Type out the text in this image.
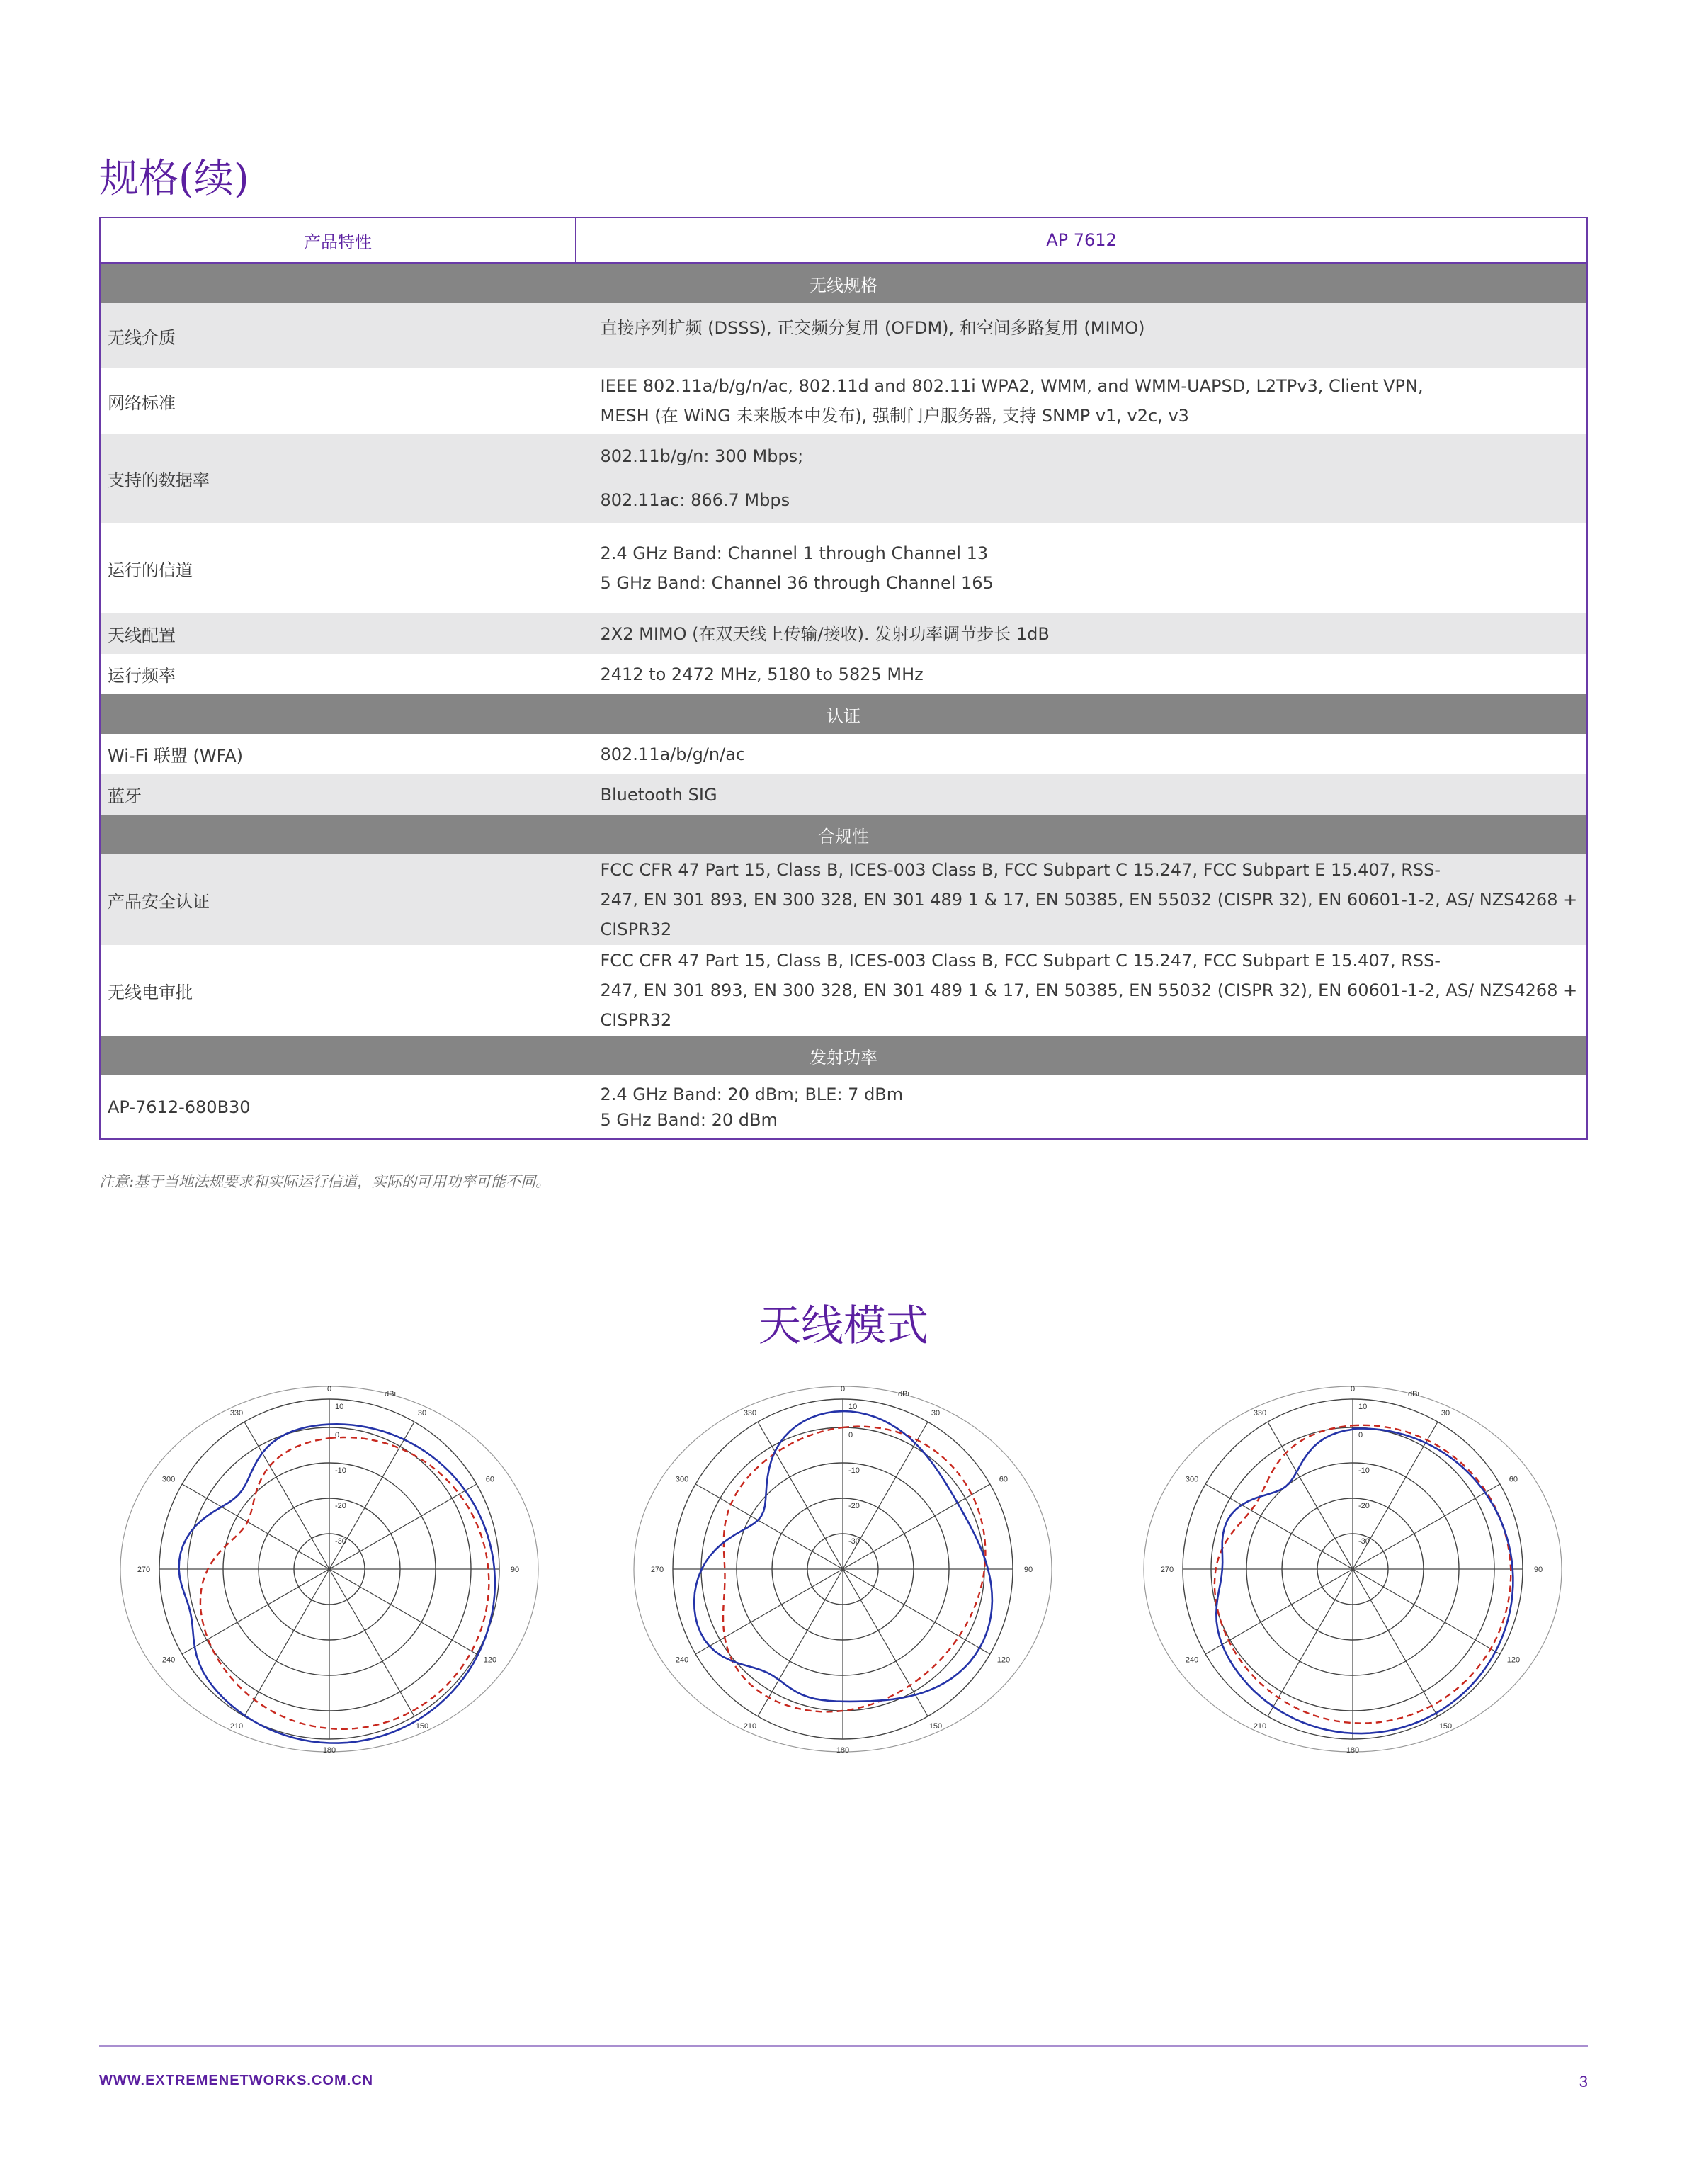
规格(续)
产品特性	AP 7612
无线规格	
无线介质	直接序列扩频 (DSSS), 正交频分复用 (OFDM), 和空间多路复用 (MIMO)

网络标准	IEEE 802.11a/b/g/n/ac, 802.11d and 802.11i WPA2, WMM, and WMM-UAPSD, L2TPv3, Client VPN,
MESH (在 WiNG 未来版本中发布), 强制门户服务器, 支持 SNMP v1, v2c, v3

支持的数据率	802.11b/g/n: 300 Mbps;
802.11ac: 866.7 Mbps

运行的信道	2.4 GHz Band: Channel 1 through Channel 13
5 GHz Band: Channel 36 through Channel 165

天线配置	2X2 MIMO (在双天线上传输/接收). 发射功率调节步长 1dB

运行频率	2412 to 2472 MHz, 5180 to 5825 MHz

认证	
Wi-Fi 联盟 (WFA)	802.11a/b/g/n/ac

蓝牙	Bluetooth SIG

合规性	
产品安全认证	FCC CFR 47 Part 15, Class B, ICES-003 Class B, FCC Subpart C 15.247, FCC Subpart E 15.407, RSS-
247, EN 301 893, EN 300 328, EN 301 489 1 & 17, EN 50385, EN 55032 (CISPR 32), EN 60601-1-2, AS/ NZS4268 + CISPR32

无线电审批	FCC CFR 47 Part 15, Class B, ICES-003 Class B, FCC Subpart C 15.247, FCC Subpart E 15.407, RSS-
247, EN 301 893, EN 300 328, EN 301 489 1 & 17, EN 50385, EN 55032 (CISPR 32), EN 60601-1-2, AS/ NZS4268 + CISPR32

发射功率	
AP-7612-680B30	2.4 GHz Band: 20 dBm; BLE: 7 dBm
5 GHz Band: 20 dBm
注意:基于当地法规要求和实际运行信道，实际的可用功率可能不同。
天线模式
0
30
60
90
120
150
180
210
240
270
300
330
dBi
10
0
-10
-20
-30
0
30
60
90
120
150
180
210
240
270
300
330
dBi
10
0
-10
-20
-30
0
30
60
90
120
150
180
210
240
270
300
330
dBi
10
0
-10
-20
-30
WWW.EXTREMENETWORKS.COM.CN	3
